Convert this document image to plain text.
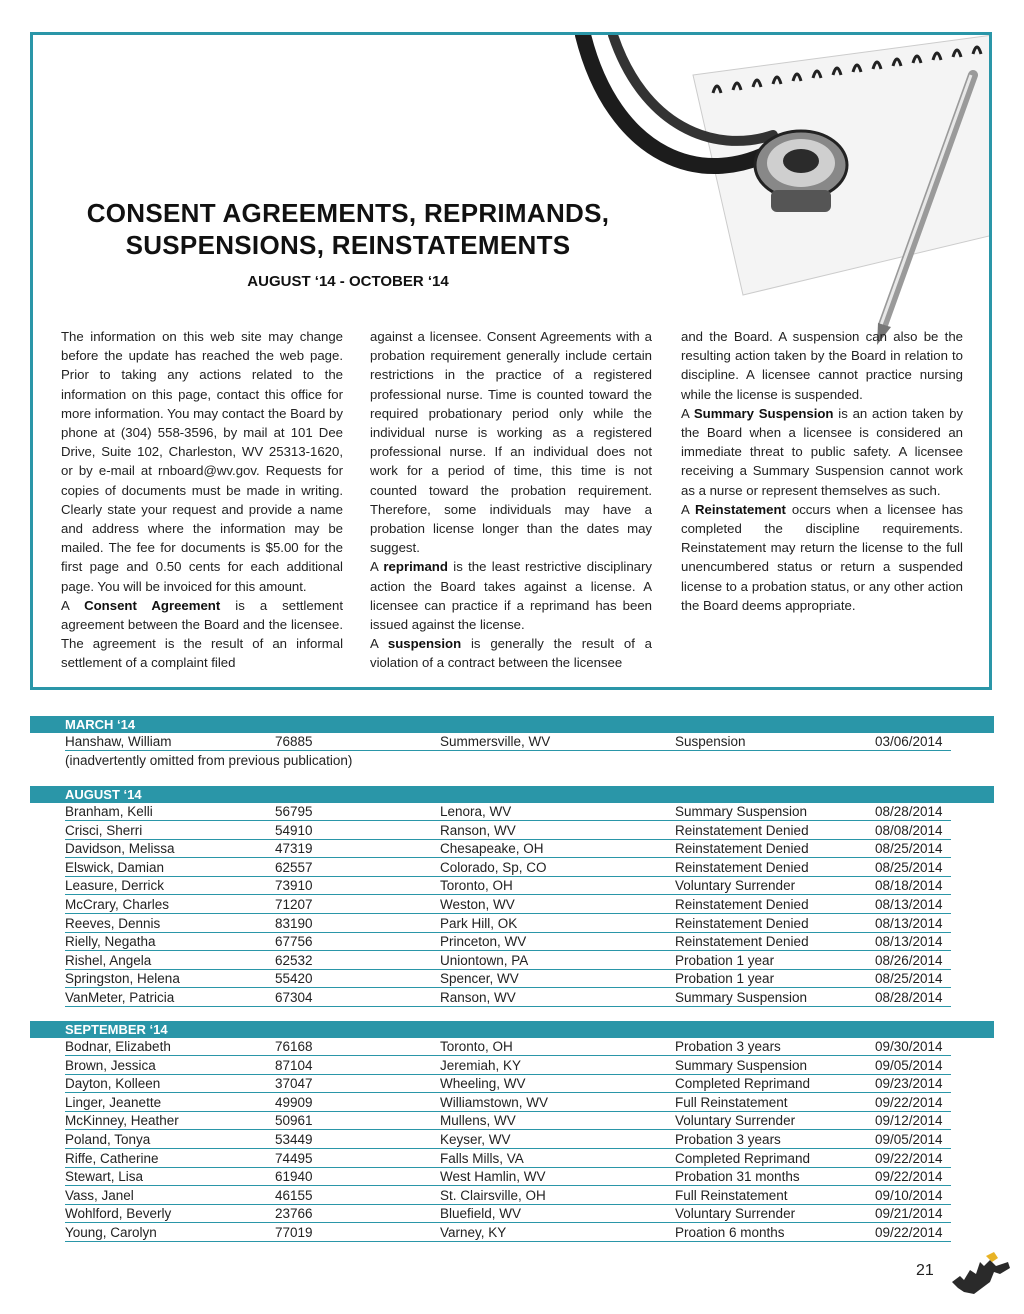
CONSENT AGREEMENTS, REPRIMANDS,
SUSPENSIONS, REINSTATEMENTS
AUGUST ‘14 - OCTOBER ‘14

The information on this web site may change before the update has reached the web page. Prior to taking any actions related to the information on this page, contact this office for more information. You may contact the Board by phone at (304) 558-3596, by mail at 101 Dee Drive, Suite 102, Charleston, WV 25313-1620, or by e-mail at rnboard@wv.gov. Requests for copies of documents must be made in writing. Clearly state your request and provide a name and address where the information may be mailed. The fee for documents is $5.00 for the first page and 0.50 cents for each additional page. You will be invoiced for this amount.

A Consent Agreement is a settlement agreement between the Board and the licensee. The agreement is the result of an informal settlement of a complaint filed

against a licensee. Consent Agreements with a probation requirement generally include certain restrictions in the practice of a registered professional nurse. Time is counted toward the required probationary period only while the individual nurse is working as a registered professional nurse. If an individual does not work for a period of time, this time is not counted toward the probation requirement. Therefore, some individuals may have a probation license longer than the dates may suggest.

A reprimand is the least restrictive disciplinary action the Board takes against a license. A licensee can practice if a reprimand has been issued against the license.

A suspension is generally the result of a violation of a contract between the licensee

and the Board. A suspension can also be the resulting action taken by the Board in relation to discipline. A licensee cannot practice nursing while the license is suspended.

A Summary Suspension is an action taken by the Board when a licensee is considered an immediate threat to public safety. A licensee receiving a Summary Suspension cannot work as a nurse or represent themselves as such.

A Reinstatement occurs when a licensee has completed the discipline requirements. Reinstatement may return the license to the full unencumbered status or return a suspended license to a probation status, or any other action the Board deems appropriate.

MARCH ‘14
Hanshaw, William	76885	Summersville, WV	Suspension	03/06/2014
(inadvertently omitted from previous publication)
AUGUST ‘14
Branham, Kelli	56795	Lenora, WV	Summary Suspension	08/28/2014
Crisci, Sherri	54910	Ranson, WV	Reinstatement Denied	08/08/2014
Davidson, Melissa	47319	Chesapeake, OH	Reinstatement Denied	08/25/2014
Elswick, Damian	62557	Colorado, Sp, CO	Reinstatement Denied	08/25/2014
Leasure, Derrick	73910	Toronto, OH	Voluntary Surrender	08/18/2014
McCrary, Charles	71207	Weston, WV	Reinstatement Denied	08/13/2014
Reeves, Dennis	83190	Park Hill, OK	Reinstatement Denied	08/13/2014
Rielly, Negatha	67756	Princeton, WV	Reinstatement Denied	08/13/2014
Rishel, Angela	62532	Uniontown, PA	Probation 1 year	08/26/2014
Springston, Helena	55420	Spencer, WV	Probation 1 year	08/25/2014
VanMeter, Patricia	67304	Ranson, WV	Summary Suspension	08/28/2014
SEPTEMBER ‘14
Bodnar, Elizabeth	76168	Toronto, OH	Probation 3 years	09/30/2014
Brown, Jessica	87104	Jeremiah, KY	Summary Suspension	09/05/2014
Dayton, Kolleen	37047	Wheeling, WV	Completed Reprimand	09/23/2014
Linger, Jeanette	49909	Williamstown, WV	Full Reinstatement	09/22/2014
McKinney, Heather	50961	Mullens, WV	Voluntary Surrender	09/12/2014
Poland, Tonya	53449	Keyser, WV	Probation 3 years	09/05/2014
Riffe, Catherine	74495	Falls Mills, VA	Completed Reprimand	09/22/2014
Stewart, Lisa	61940	West Hamlin, WV	Probation 31 months	09/22/2014
Vass, Janel	46155	St. Clairsville, OH	Full Reinstatement	09/10/2014
Wohlford, Beverly	23766	Bluefield, WV	Voluntary Surrender	09/21/2014
Young, Carolyn	77019	Varney, KY	Proation 6 months	09/22/2014
21
